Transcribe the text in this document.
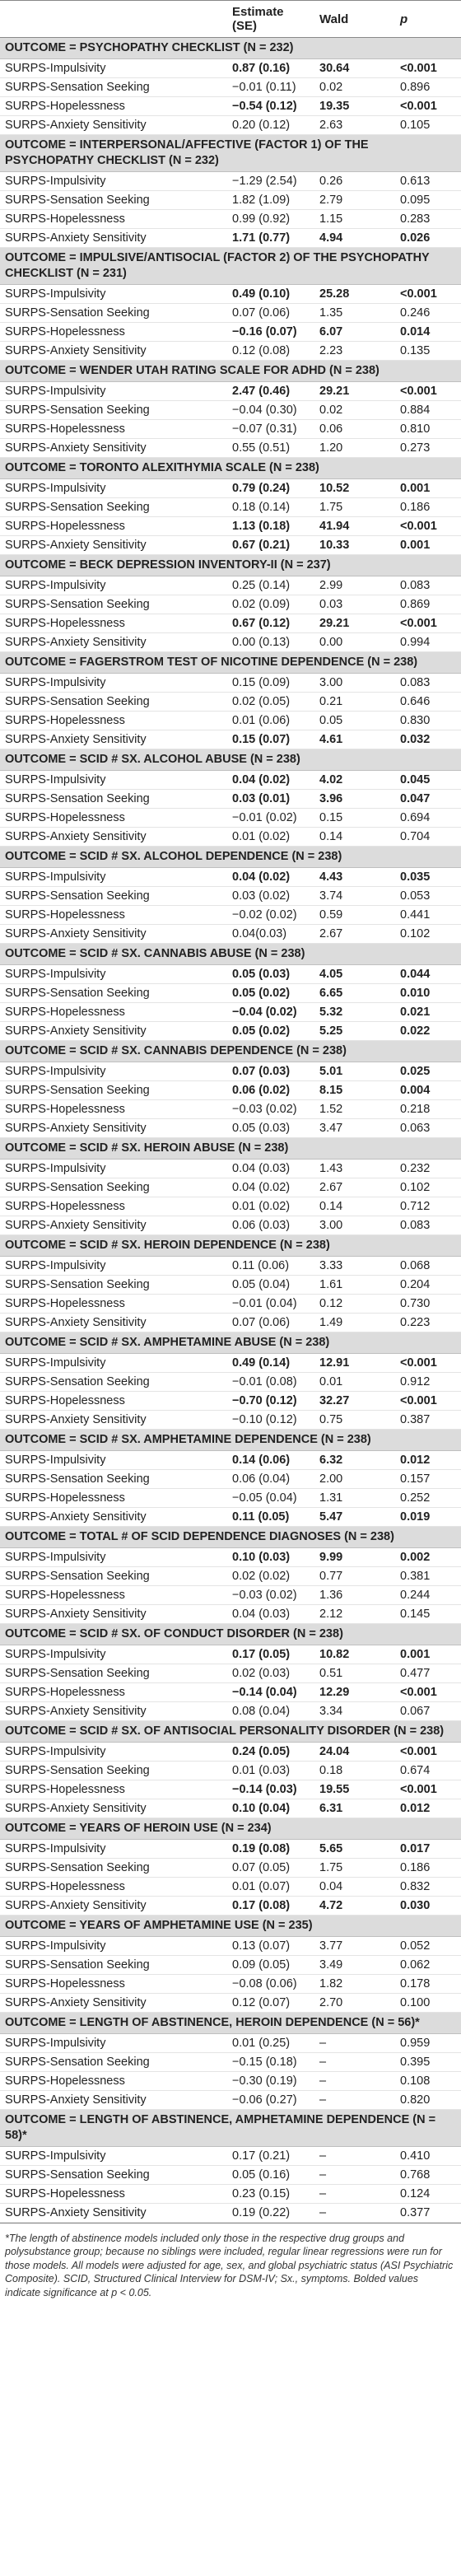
	Estimate (SE)	Wald	p
OUTCOME = PSYCHOPATHY CHECKLIST (N = 232)			
SURPS-Impulsivity	0.87 (0.16)	30.64	<0.001
SURPS-Sensation Seeking	−0.01 (0.11)	0.02	0.896
SURPS-Hopelessness	−0.54 (0.12)	19.35	<0.001
SURPS-Anxiety Sensitivity	0.20 (0.12)	2.63	0.105
OUTCOME = INTERPERSONAL/AFFECTIVE (FACTOR 1) OF THE PSYCHOPATHY CHECKLIST (N = 232)			
SURPS-Impulsivity	−1.29 (2.54)	0.26	0.613
SURPS-Sensation Seeking	1.82 (1.09)	2.79	0.095
SURPS-Hopelessness	0.99 (0.92)	1.15	0.283
SURPS-Anxiety Sensitivity	1.71 (0.77)	4.94	0.026
OUTCOME = IMPULSIVE/ANTISOCIAL (FACTOR 2) OF THE PSYCHOPATHY CHECKLIST (N = 231)			
SURPS-Impulsivity	0.49 (0.10)	25.28	<0.001
SURPS-Sensation Seeking	0.07 (0.06)	1.35	0.246
SURPS-Hopelessness	−0.16 (0.07)	6.07	0.014
SURPS-Anxiety Sensitivity	0.12 (0.08)	2.23	0.135
OUTCOME = WENDER UTAH RATING SCALE FOR ADHD (N = 238)			
SURPS-Impulsivity	2.47 (0.46)	29.21	<0.001
SURPS-Sensation Seeking	−0.04 (0.30)	0.02	0.884
SURPS-Hopelessness	−0.07 (0.31)	0.06	0.810
SURPS-Anxiety Sensitivity	0.55 (0.51)	1.20	0.273
OUTCOME = TORONTO ALEXITHYMIA SCALE (N = 238)			
SURPS-Impulsivity	0.79 (0.24)	10.52	0.001
SURPS-Sensation Seeking	0.18 (0.14)	1.75	0.186
SURPS-Hopelessness	1.13 (0.18)	41.94	<0.001
SURPS-Anxiety Sensitivity	0.67 (0.21)	10.33	0.001
OUTCOME = BECK DEPRESSION INVENTORY-II (N = 237)			
SURPS-Impulsivity	0.25 (0.14)	2.99	0.083
SURPS-Sensation Seeking	0.02 (0.09)	0.03	0.869
SURPS-Hopelessness	0.67 (0.12)	29.21	<0.001
SURPS-Anxiety Sensitivity	0.00 (0.13)	0.00	0.994
OUTCOME = FAGERSTROM TEST OF NICOTINE DEPENDENCE (N = 238)			
SURPS-Impulsivity	0.15 (0.09)	3.00	0.083
SURPS-Sensation Seeking	0.02 (0.05)	0.21	0.646
SURPS-Hopelessness	0.01 (0.06)	0.05	0.830
SURPS-Anxiety Sensitivity	0.15 (0.07)	4.61	0.032
OUTCOME = SCID # SX. ALCOHOL ABUSE (N = 238)			
SURPS-Impulsivity	0.04 (0.02)	4.02	0.045
SURPS-Sensation Seeking	0.03 (0.01)	3.96	0.047
SURPS-Hopelessness	−0.01 (0.02)	0.15	0.694
SURPS-Anxiety Sensitivity	0.01 (0.02)	0.14	0.704
OUTCOME = SCID # SX. ALCOHOL DEPENDENCE (N = 238)			
SURPS-Impulsivity	0.04 (0.02)	4.43	0.035
SURPS-Sensation Seeking	0.03 (0.02)	3.74	0.053
SURPS-Hopelessness	−0.02 (0.02)	0.59	0.441
SURPS-Anxiety Sensitivity	0.04(0.03)	2.67	0.102
OUTCOME = SCID # SX. CANNABIS ABUSE (N = 238)			
SURPS-Impulsivity	0.05 (0.03)	4.05	0.044
SURPS-Sensation Seeking	0.05 (0.02)	6.65	0.010
SURPS-Hopelessness	−0.04 (0.02)	5.32	0.021
SURPS-Anxiety Sensitivity	0.05 (0.02)	5.25	0.022
OUTCOME = SCID # SX. CANNABIS DEPENDENCE (N = 238)			
SURPS-Impulsivity	0.07 (0.03)	5.01	0.025
SURPS-Sensation Seeking	0.06 (0.02)	8.15	0.004
SURPS-Hopelessness	−0.03 (0.02)	1.52	0.218
SURPS-Anxiety Sensitivity	0.05 (0.03)	3.47	0.063
OUTCOME = SCID # SX. HEROIN ABUSE (N = 238)			
SURPS-Impulsivity	0.04 (0.03)	1.43	0.232
SURPS-Sensation Seeking	0.04 (0.02)	2.67	0.102
SURPS-Hopelessness	0.01 (0.02)	0.14	0.712
SURPS-Anxiety Sensitivity	0.06 (0.03)	3.00	0.083
OUTCOME = SCID # SX. HEROIN DEPENDENCE (N = 238)			
SURPS-Impulsivity	0.11 (0.06)	3.33	0.068
SURPS-Sensation Seeking	0.05 (0.04)	1.61	0.204
SURPS-Hopelessness	−0.01 (0.04)	0.12	0.730
SURPS-Anxiety Sensitivity	0.07 (0.06)	1.49	0.223
OUTCOME = SCID # SX. AMPHETAMINE ABUSE (N = 238)			
SURPS-Impulsivity	0.49 (0.14)	12.91	<0.001
SURPS-Sensation Seeking	−0.01 (0.08)	0.01	0.912
SURPS-Hopelessness	−0.70 (0.12)	32.27	<0.001
SURPS-Anxiety Sensitivity	−0.10 (0.12)	0.75	0.387
OUTCOME = SCID # SX. AMPHETAMINE DEPENDENCE (N = 238)			
SURPS-Impulsivity	0.14 (0.06)	6.32	0.012
SURPS-Sensation Seeking	0.06 (0.04)	2.00	0.157
SURPS-Hopelessness	−0.05 (0.04)	1.31	0.252
SURPS-Anxiety Sensitivity	0.11 (0.05)	5.47	0.019
OUTCOME = TOTAL # OF SCID DEPENDENCE DIAGNOSES (N = 238)			
SURPS-Impulsivity	0.10 (0.03)	9.99	0.002
SURPS-Sensation Seeking	0.02 (0.02)	0.77	0.381
SURPS-Hopelessness	−0.03 (0.02)	1.36	0.244
SURPS-Anxiety Sensitivity	0.04 (0.03)	2.12	0.145
OUTCOME = SCID # SX. OF CONDUCT DISORDER (N = 238)			
SURPS-Impulsivity	0.17 (0.05)	10.82	0.001
SURPS-Sensation Seeking	0.02 (0.03)	0.51	0.477
SURPS-Hopelessness	−0.14 (0.04)	12.29	<0.001
SURPS-Anxiety Sensitivity	0.08 (0.04)	3.34	0.067
OUTCOME = SCID # SX. OF ANTISOCIAL PERSONALITY DISORDER (N = 238)			
SURPS-Impulsivity	0.24 (0.05)	24.04	<0.001
SURPS-Sensation Seeking	0.01 (0.03)	0.18	0.674
SURPS-Hopelessness	−0.14 (0.03)	19.55	<0.001
SURPS-Anxiety Sensitivity	0.10 (0.04)	6.31	0.012
OUTCOME = YEARS OF HEROIN USE (N = 234)			
SURPS-Impulsivity	0.19 (0.08)	5.65	0.017
SURPS-Sensation Seeking	0.07 (0.05)	1.75	0.186
SURPS-Hopelessness	0.01 (0.07)	0.04	0.832
SURPS-Anxiety Sensitivity	0.17 (0.08)	4.72	0.030
OUTCOME = YEARS OF AMPHETAMINE USE (N = 235)			
SURPS-Impulsivity	0.13 (0.07)	3.77	0.052
SURPS-Sensation Seeking	0.09 (0.05)	3.49	0.062
SURPS-Hopelessness	−0.08 (0.06)	1.82	0.178
SURPS-Anxiety Sensitivity	0.12 (0.07)	2.70	0.100
OUTCOME = LENGTH OF ABSTINENCE, HEROIN DEPENDENCE (N = 56)*			
SURPS-Impulsivity	0.01 (0.25)	–	0.959
SURPS-Sensation Seeking	−0.15 (0.18)	–	0.395
SURPS-Hopelessness	−0.30 (0.19)	–	0.108
SURPS-Anxiety Sensitivity	−0.06 (0.27)	–	0.820
OUTCOME = LENGTH OF ABSTINENCE, AMPHETAMINE DEPENDENCE (N = 58)*			
SURPS-Impulsivity	0.17 (0.21)	–	0.410
SURPS-Sensation Seeking	0.05 (0.16)	–	0.768
SURPS-Hopelessness	0.23 (0.15)	–	0.124
SURPS-Anxiety Sensitivity	0.19 (0.22)	–	0.377
*The length of abstinence models included only those in the respective drug groups and polysubstance group; because no siblings were included, regular linear regressions were run for those models. All models were adjusted for age, sex, and global psychiatric status (ASI Psychiatric Composite). SCID, Structured Clinical Interview for DSM-IV; Sx., symptoms. Bolded values indicate significance at p < 0.05.
